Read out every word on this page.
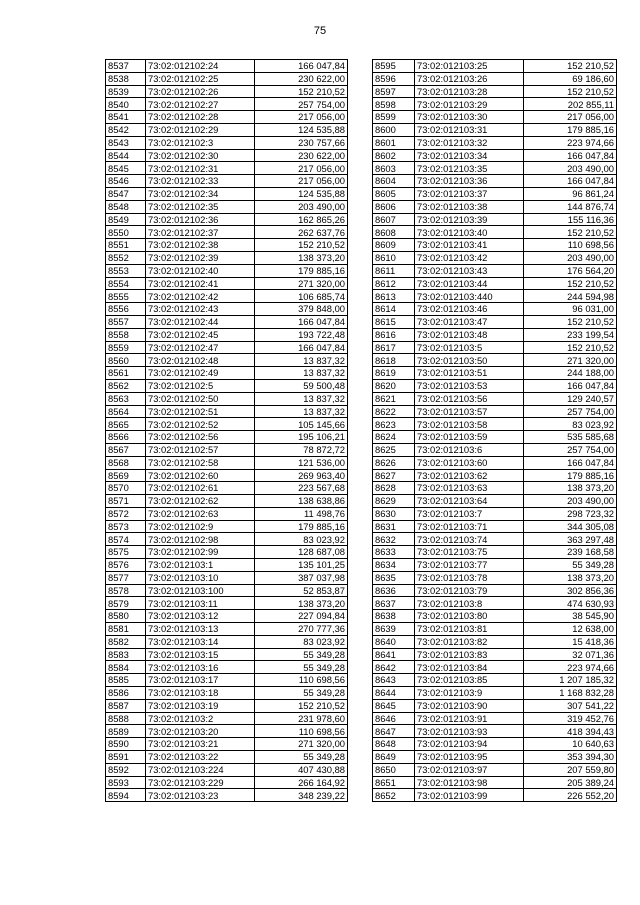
75
8537	73:02:012102:24	166 047,84
8538	73:02:012102:25	230 622,00
8539	73:02:012102:26	152 210,52
8540	73:02:012102:27	257 754,00
8541	73:02:012102:28	217 056,00
8542	73:02:012102:29	124 535,88
8543	73:02:012102:3	230 757,66
8544	73:02:012102:30	230 622,00
8545	73:02:012102:31	217 056,00
8546	73:02:012102:33	217 056,00
8547	73:02:012102:34	124 535,88
8548	73:02:012102:35	203 490,00
8549	73:02:012102:36	162 865,26
8550	73:02:012102:37	262 637,76
8551	73:02:012102:38	152 210,52
8552	73:02:012102:39	138 373,20
8553	73:02:012102:40	179 885,16
8554	73:02:012102:41	271 320,00
8555	73:02:012102:42	106 685,74
8556	73:02:012102:43	379 848,00
8557	73:02:012102:44	166 047,84
8558	73:02:012102:45	193 722,48
8559	73:02:012102:47	166 047,84
8560	73:02:012102:48	13 837,32
8561	73:02:012102:49	13 837,32
8562	73:02:012102:5	59 500,48
8563	73:02:012102:50	13 837,32
8564	73:02:012102:51	13 837,32
8565	73:02:012102:52	105 145,66
8566	73:02:012102:56	195 106,21
8567	73:02:012102:57	78 872,72
8568	73:02:012102:58	121 536,00
8569	73:02:012102:60	269 963,40
8570	73:02:012102:61	223 567,68
8571	73:02:012102:62	138 638,86
8572	73:02:012102:63	11 498,76
8573	73:02:012102:9	179 885,16
8574	73:02:012102:98	83 023,92
8575	73:02:012102:99	128 687,08
8576	73:02:012103:1	135 101,25
8577	73:02:012103:10	387 037,98
8578	73:02:012103:100	52 853,87
8579	73:02:012103:11	138 373,20
8580	73:02:012103:12	227 094,84
8581	73:02:012103:13	270 777,36
8582	73:02:012103:14	83 023,92
8583	73:02:012103:15	55 349,28
8584	73:02:012103:16	55 349,28
8585	73:02:012103:17	110 698,56
8586	73:02:012103:18	55 349,28
8587	73:02:012103:19	152 210,52
8588	73:02:012103:2	231 978,60
8589	73:02:012103:20	110 698,56
8590	73:02:012103:21	271 320,00
8591	73:02:012103:22	55 349,28
8592	73:02:012103:224	407 430,88
8593	73:02:012103:229	266 164,92
8594	73:02:012103:23	348 239,22
8595	73:02:012103:25	152 210,52
8596	73:02:012103:26	69 186,60
8597	73:02:012103:28	152 210,52
8598	73:02:012103:29	202 855,11
8599	73:02:012103:30	217 056,00
8600	73:02:012103:31	179 885,16
8601	73:02:012103:32	223 974,66
8602	73:02:012103:34	166 047,84
8603	73:02:012103:35	203 490,00
8604	73:02:012103:36	166 047,84
8605	73:02:012103:37	96 861,24
8606	73:02:012103:38	144 876,74
8607	73:02:012103:39	155 116,36
8608	73:02:012103:40	152 210,52
8609	73:02:012103:41	110 698,56
8610	73:02:012103:42	203 490,00
8611	73:02:012103:43	176 564,20
8612	73:02:012103:44	152 210,52
8613	73:02:012103:440	244 594,98
8614	73:02:012103:46	96 031,00
8615	73:02:012103:47	152 210,52
8616	73:02:012103:48	233 199,54
8617	73:02:012103:5	152 210,52
8618	73:02:012103:50	271 320,00
8619	73:02:012103:51	244 188,00
8620	73:02:012103:53	166 047,84
8621	73:02:012103:56	129 240,57
8622	73:02:012103:57	257 754,00
8623	73:02:012103:58	83 023,92
8624	73:02:012103:59	535 585,68
8625	73:02:012103:6	257 754,00
8626	73:02:012103:60	166 047,84
8627	73:02:012103:62	179 885,16
8628	73:02:012103:63	138 373,20
8629	73:02:012103:64	203 490,00
8630	73:02:012103:7	298 723,32
8631	73:02:012103:71	344 305,08
8632	73:02:012103:74	363 297,48
8633	73:02:012103:75	239 168,58
8634	73:02:012103:77	55 349,28
8635	73:02:012103:78	138 373,20
8636	73:02:012103:79	302 856,36
8637	73:02:012103:8	474 630,93
8638	73:02:012103:80	38 545,90
8639	73:02:012103:81	12 638,00
8640	73:02:012103:82	15 418,36
8641	73:02:012103:83	32 071,36
8642	73:02:012103:84	223 974,66
8643	73:02:012103:85	1 207 185,32
8644	73:02:012103:9	1 168 832,28
8645	73:02:012103:90	307 541,22
8646	73:02:012103:91	319 452,76
8647	73:02:012103:93	418 394,43
8648	73:02:012103:94	10 640,63
8649	73:02:012103:95	353 394,30
8650	73:02:012103:97	207 559,80
8651	73:02:012103:98	205 389,24
8652	73:02:012103:99	226 552,20
